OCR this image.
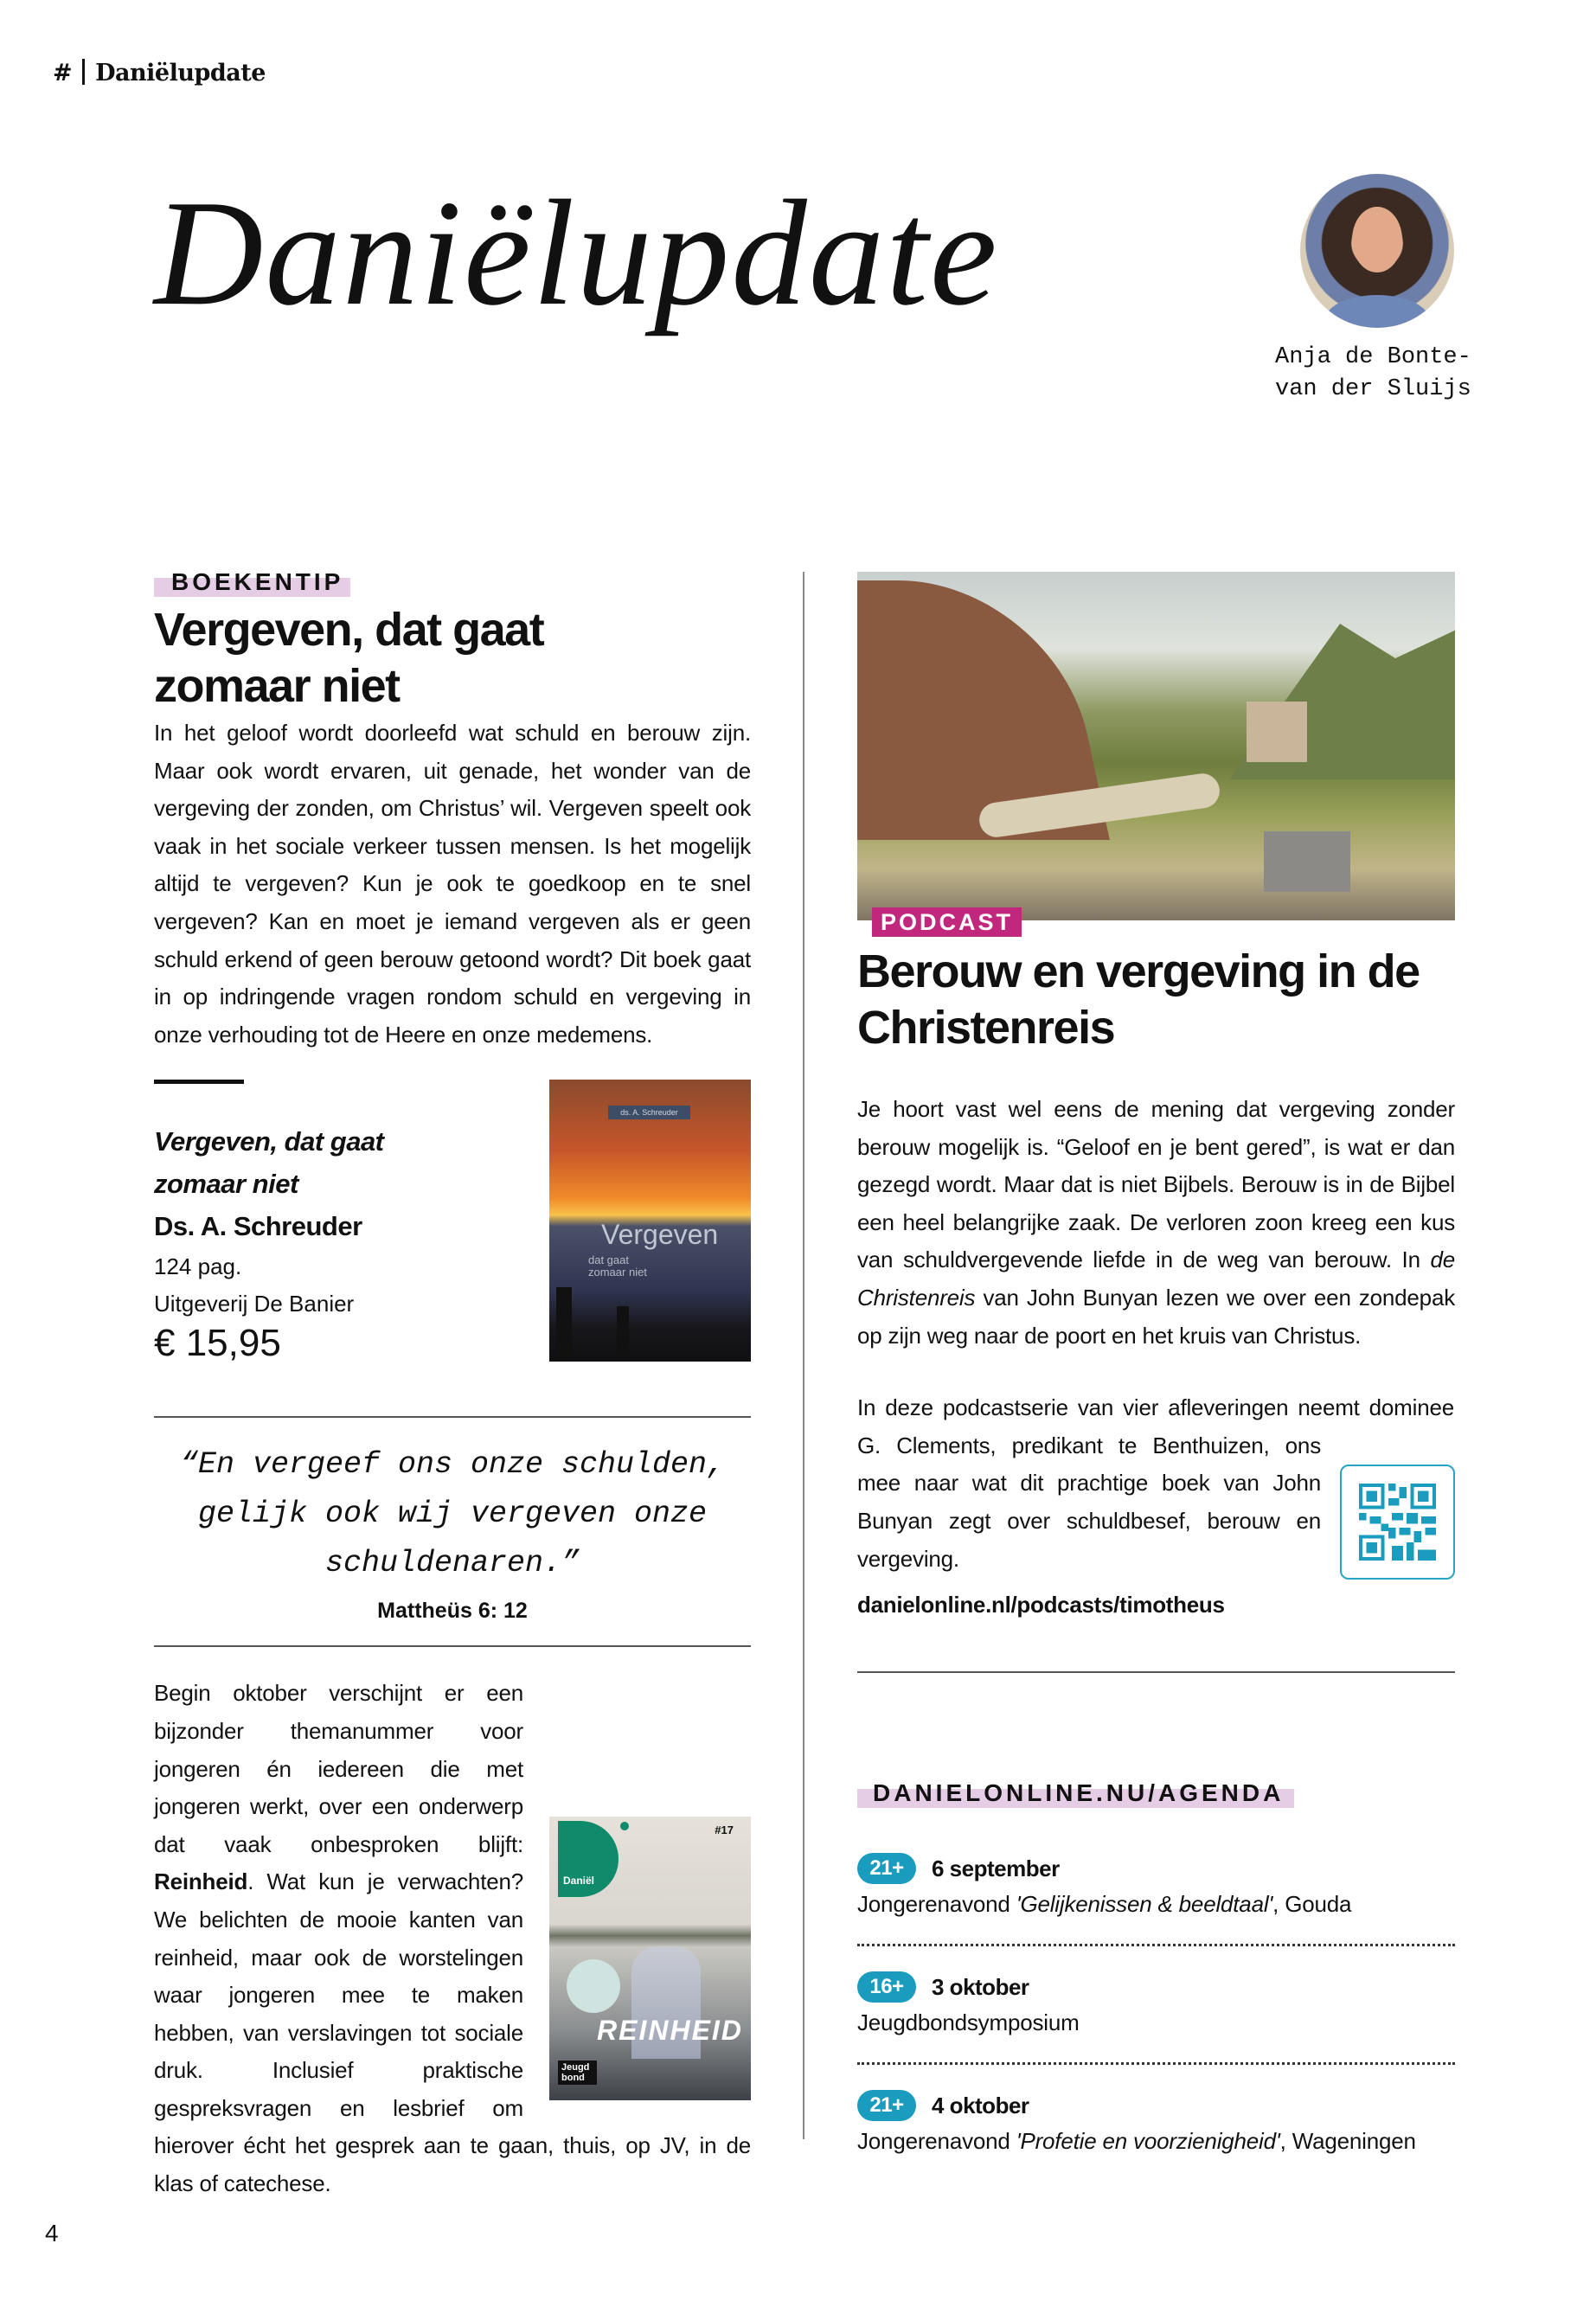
# Daniëlupdate
Daniëlupdate
Anja de Bonte-
van der Sluijs
BOEKENTIP
Vergeven, dat gaat zomaar niet

In het geloof wordt doorleefd wat schuld en berouw zijn. Maar ook wordt ervaren, uit genade, het wonder van de vergeving der zonden, om Christus’ wil. Vergeven speelt ook vaak in het sociale verkeer tussen mensen. Is het mogelijk altijd te vergeven? Kun je ook te goedkoop en te snel vergeven? Kan en moet je iemand vergeven als er geen schuld erkend of geen berouw getoond wordt? Dit boek gaat in op indringende vragen rondom schuld en vergeving in onze verhouding tot de Heere en onze medemens.

Vergeven, dat gaat zomaar niet
Ds. A. Schreuder
124 pag.
Uitgeverij De Banier
€ 15,95
ds. A. Schreuder
Vergeven
dat gaat zomaar niet
“En vergeef ons onze schulden, gelijk ook wij vergeven onze schuldenaren.”
Mattheüs 6: 12
Daniël
#17
REINHEID
Jeugd bond

Begin oktober verschijnt er een bijzonder themanummer voor jongeren én iedereen die met jongeren werkt, over een onderwerp dat vaak onbesproken blijft: Reinheid. Wat kun je verwachten? We belichten de mooie kanten van reinheid, maar ook de worstelingen waar jongeren mee te maken hebben, van verslavingen tot sociale druk. Inclusief praktische gespreksvragen en lesbrief om hierover écht het gesprek aan te gaan, thuis, op JV, in de klas of catechese.

PODCAST
Berouw en vergeving in de Christenreis

Je hoort vast wel eens de mening dat vergeving zonder berouw mogelijk is. “Geloof en je bent gered”, is wat er dan gezegd wordt. Maar dat is niet Bijbels. Berouw is in de Bijbel een heel belangrijke zaak. De verloren zoon kreeg een kus van schuldvergevende liefde in de weg van berouw. In de Christenreis van John Bunyan lezen we over een zondepak op zijn weg naar de poort en het kruis van Christus.

In deze podcastserie van vier afleveringen neemt dominee G. Clements, predikant te Benthuizen, ons mee naar wat dit prachtige boek van John Bunyan zegt over schuldbesef, berouw en vergeving.

danielonline.nl/podcasts/timotheus
DANIELONLINE.NU/AGENDA
21+ 6 september
Jongerenavond 'Gelijkenissen & beeldtaal', Gouda
16+ 3 oktober
Jeugdbondsymposium
21+ 4 oktober
Jongerenavond 'Profetie en voorzienigheid', Wageningen
4
